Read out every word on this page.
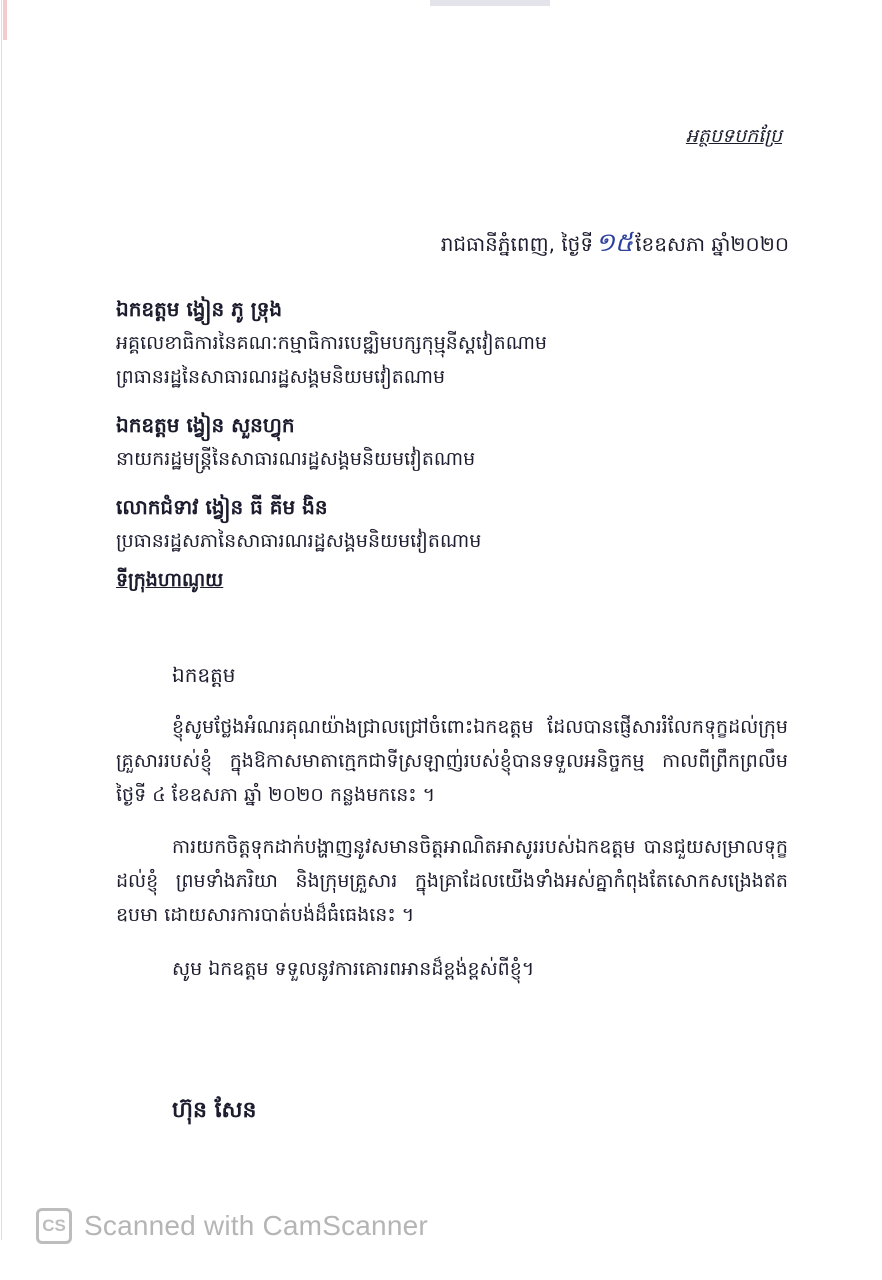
អត្ថបទបកប្រែ
រាជធានីភ្នំពេញ, ថ្ងៃទី១៥ ខែឧសភា ឆ្នាំ២០២០
ឯកឧត្តម ង្វៀន ភូ ទ្រុង
អគ្គលេខាធិការនៃគណៈកម្មាធិការបេឌ្ឍិមបក្សកុម្មុនីស្តវៀតណាម
ព្រធានរដ្ឋនៃសាធារណរដ្ឋសង្គមនិយមវៀតណាម
ឯកឧត្តម ង្វៀន សួនហ្វុក
នាយករដ្ឋមន្ត្រីនៃសាធារណរដ្ឋសង្គមនិយមវៀតណាម
លោកជំទាវ ង្វៀន ធី គីម ងិន
ប្រធានរដ្ឋសភានៃសាធារណរដ្ឋសង្គមនិយមវៀតណាម
ទីក្រុងហាណូយ
ឯកឧត្តម
ខ្ញុំសូមថ្លែងអំណរគុណយ៉ាងជ្រាលជ្រៅចំពោះឯកឧត្តម ដែលបានផ្ញើសាររំលែកទុក្ខដល់ក្រុមគ្រួសាររបស់ខ្ញុំ ក្នុងឱកាសមាតាក្មេកជាទីស្រឡាញ់របស់ខ្ញុំបានទទួលអនិច្ចកម្ម កាលពីព្រឹកព្រលឹមថ្ងៃទី ៤ ខែឧសភា ឆ្នាំ ២០២០ កន្លងមកនេះ ។
ការយកចិត្តទុកដាក់បង្ហាញនូវសមានចិត្តអាណិតអាសូររបស់ឯកឧត្តម បានជួយសម្រាលទុក្ខដល់ខ្ញុំ ព្រមទាំងភរិយា និងក្រុមគ្រួសារ ក្នុងគ្រាដែលយើងទាំងអស់គ្នាកំពុងតែសោកសង្រេងឥតឧបមា ដោយសារការបាត់បង់ដ៏ធំធេងនេះ ។
សូម ឯកឧត្តម ទទួលនូវការគោរពអានដ៏ខ្ពង់ខ្ពស់ពីខ្ញុំ។
ហ៊ុន សែន
CS Scanned with CamScanner
